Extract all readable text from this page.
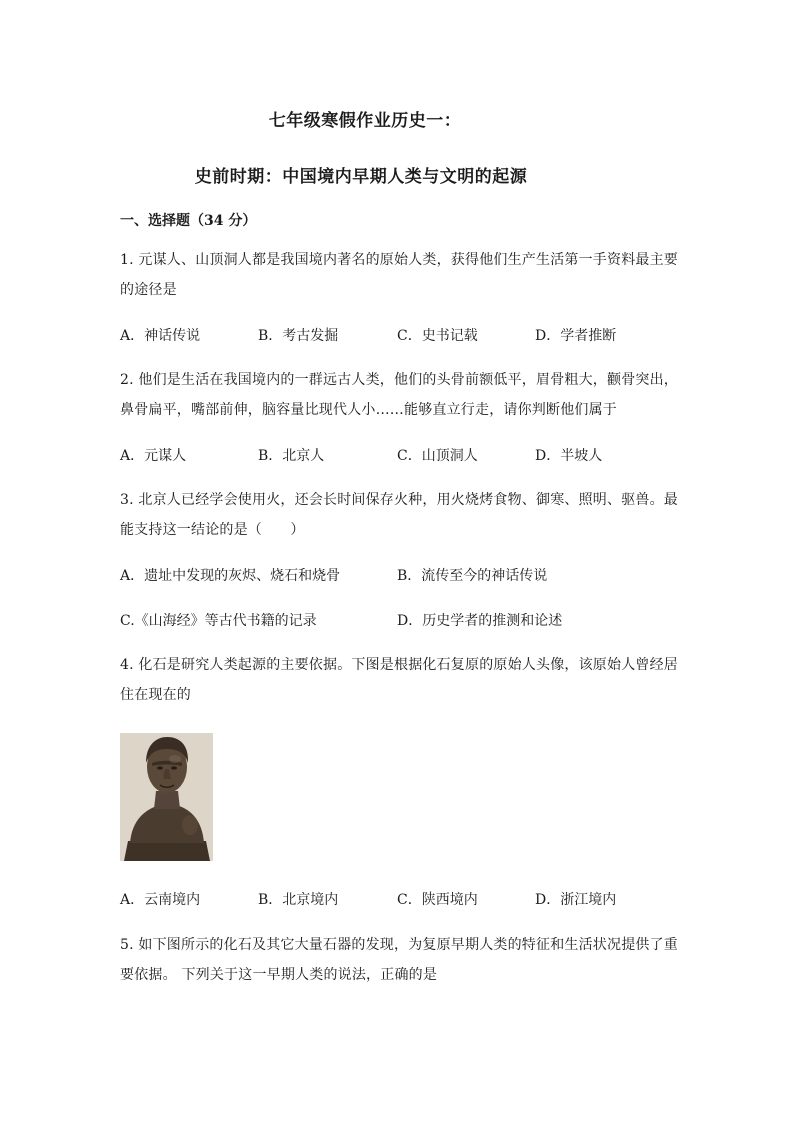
七年级寒假作业历史一：
史前时期：中国境内早期人类与文明的起源
一、选择题（34 分）
1. 元谋人、山顶洞人都是我国境内著名的原始人类，获得他们生产生活第一手资料最主要的途径是
A．神话传说	B．考古发掘	C．史书记载	D．学者推断
2. 他们是生活在我国境内的一群远古人类，他们的头骨前额低平，眉骨粗大，颧骨突出，鼻骨扁平，嘴部前伸，脑容量比现代人小……能够直立行走，请你判断他们属于
A．元谋人	B．北京人	C．山顶洞人	D．半坡人
3. 北京人已经学会使用火，还会长时间保存火种，用火烧烤食物、御寒、照明、驱兽。最能支持这一结论的是（　　）
A．遗址中发现的灰烬、烧石和烧骨	B．流传至今的神话传说
C.《山海经》等古代书籍的记录	D．历史学者的推测和论述
4. 化石是研究人类起源的主要依据。下图是根据化石复原的原始人头像，该原始人曾经居住在现在的
A．云南境内	B．北京境内	C．陕西境内	D．浙江境内
5. 如下图所示的化石及其它大量石器的发现，为复原早期人类的特征和生活状况提供了重要依据。 下列关于这一早期人类的说法，正确的是
